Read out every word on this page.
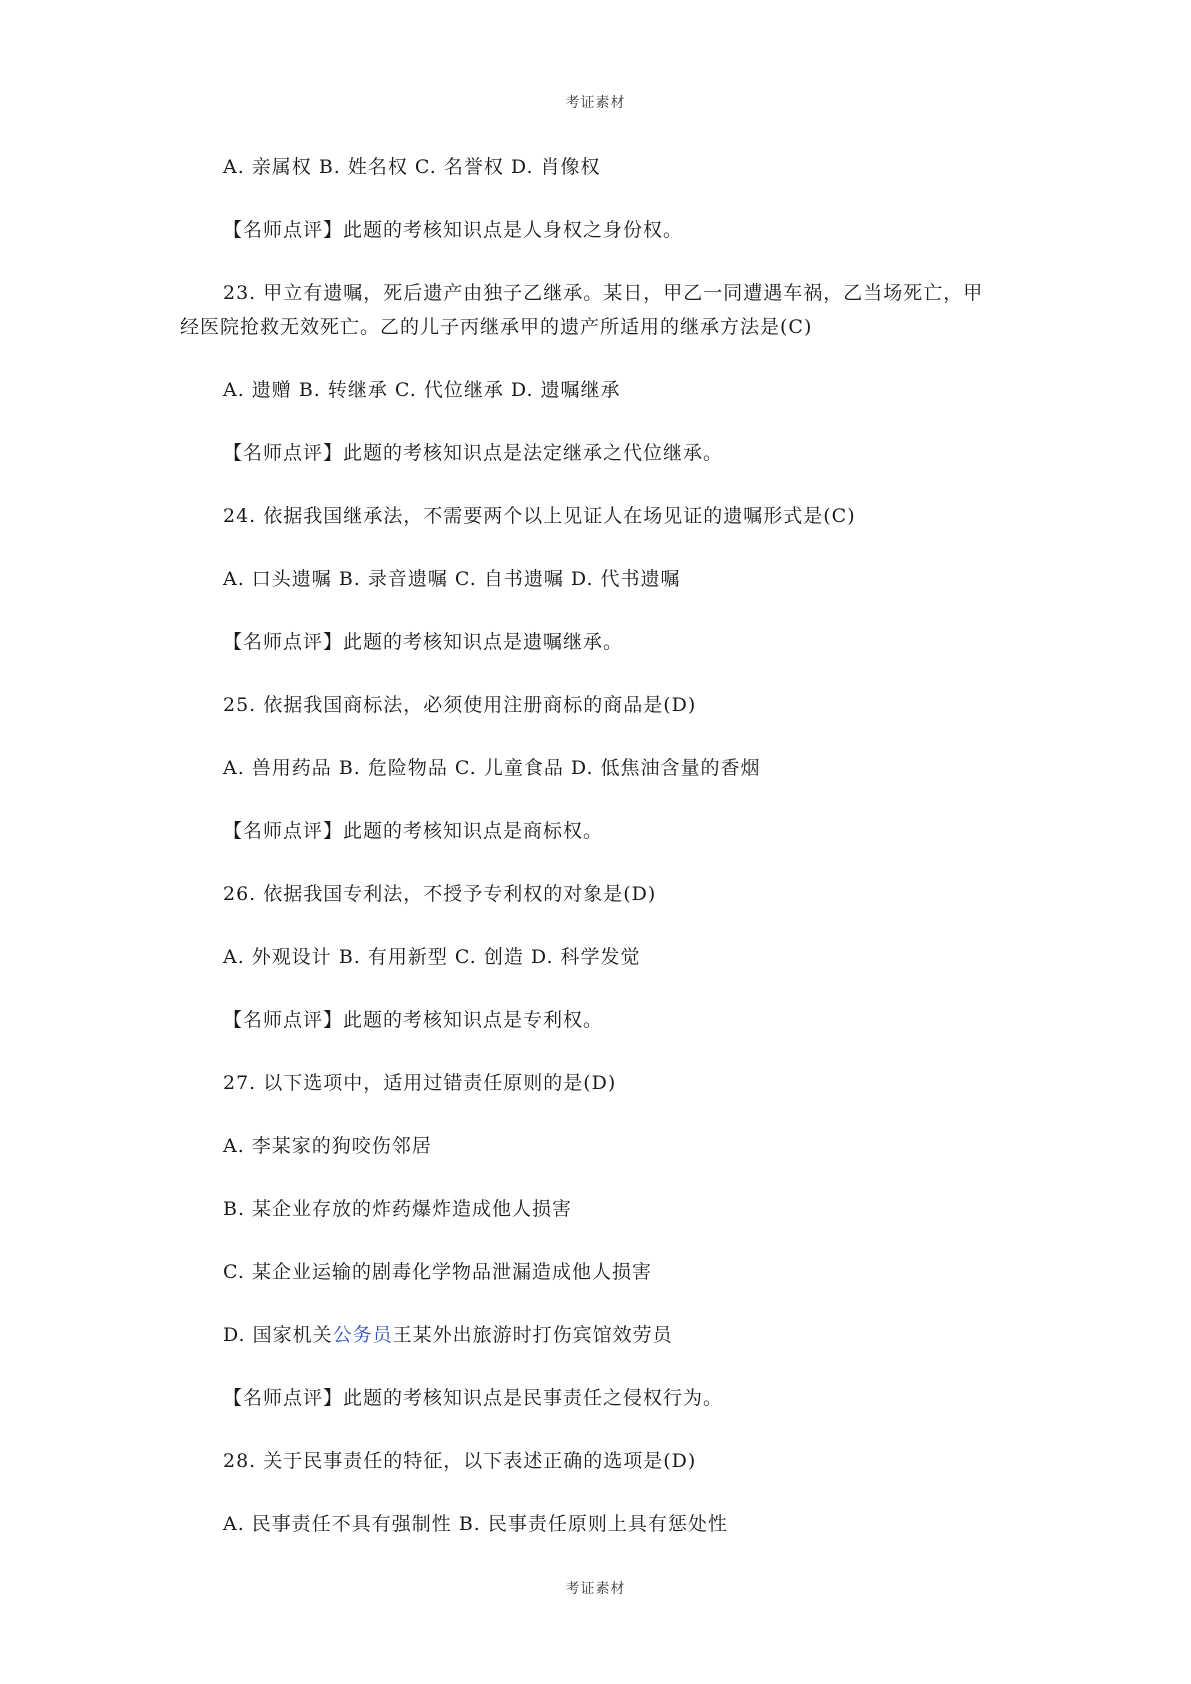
考证素材
A. 亲属权 B. 姓名权 C. 名誉权 D. 肖像权
【名师点评】此题的考核知识点是人身权之身份权。
23. 甲立有遗嘱，死后遗产由独子乙继承。某日，甲乙一同遭遇车祸，乙当场死亡，甲
经医院抢救无效死亡。乙的儿子丙继承甲的遗产所适用的继承方法是(C)
A. 遗赠 B. 转继承 C. 代位继承 D. 遗嘱继承
【名师点评】此题的考核知识点是法定继承之代位继承。
24. 依据我国继承法，不需要两个以上见证人在场见证的遗嘱形式是(C)
A. 口头遗嘱 B. 录音遗嘱 C. 自书遗嘱 D. 代书遗嘱
【名师点评】此题的考核知识点是遗嘱继承。
25. 依据我国商标法，必须使用注册商标的商品是(D)
A. 兽用药品 B. 危险物品 C. 儿童食品 D. 低焦油含量的香烟
【名师点评】此题的考核知识点是商标权。
26. 依据我国专利法，不授予专利权的对象是(D)
A. 外观设计 B. 有用新型 C. 创造 D. 科学发觉
【名师点评】此题的考核知识点是专利权。
27. 以下选项中，适用过错责任原则的是(D)
A. 李某家的狗咬伤邻居
B. 某企业存放的炸药爆炸造成他人损害
C. 某企业运输的剧毒化学物品泄漏造成他人损害
D. 国家机关公务员王某外出旅游时打伤宾馆效劳员
【名师点评】此题的考核知识点是民事责任之侵权行为。
28. 关于民事责任的特征，以下表述正确的选项是(D)
A. 民事责任不具有强制性 B. 民事责任原则上具有惩处性
考证素材
